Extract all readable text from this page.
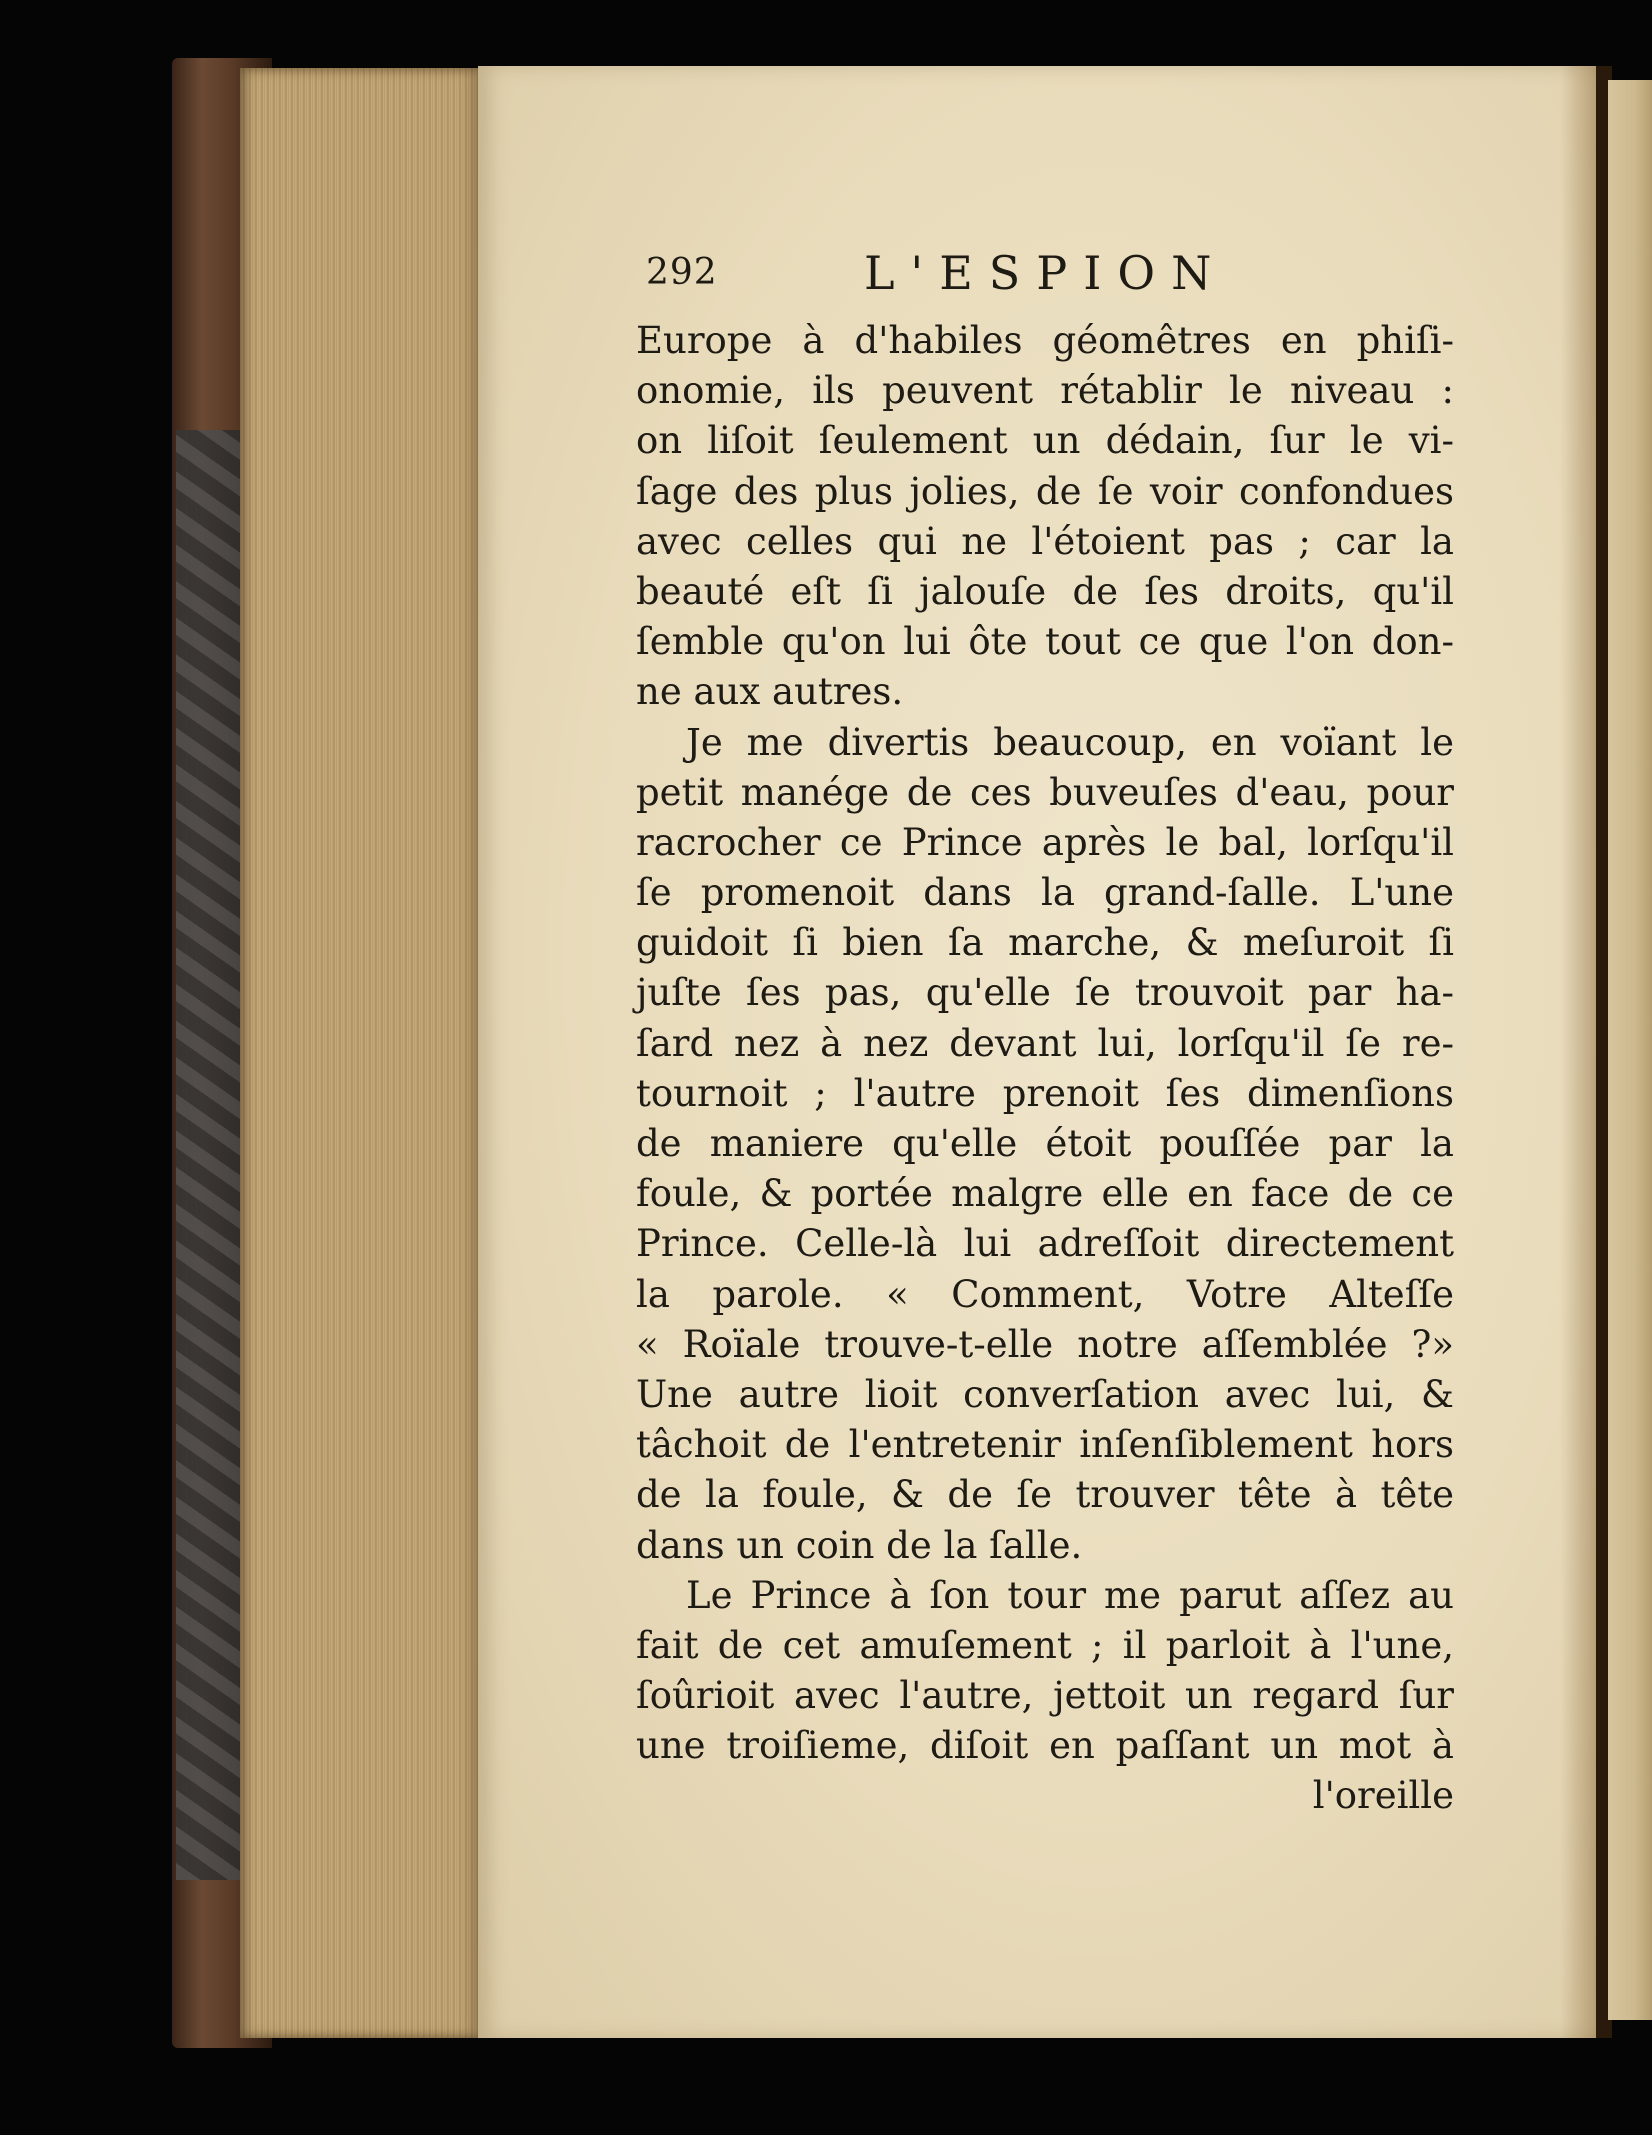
292	L'ESPION
Europe à d'habiles géomêtres en phiſi-
onomie, ils peuvent rétablir le niveau :
on liſoit ſeulement un dédain, ſur le vi-
ſage des plus jolies, de ſe voir confondues
avec celles qui ne l'étoient pas ; car la
beauté eſt ſi jalouſe de ſes droits, qu'il
ſemble qu'on lui ôte tout ce que l'on don-
ne aux autres.
Je me divertis beaucoup, en voïant le
petit manége de ces buveuſes d'eau, pour
racrocher ce Prince après le bal, lorſqu'il
ſe promenoit dans la grand-ſalle. L'une
guidoit ſi bien ſa marche, & meſuroit ſi
juſte ſes pas, qu'elle ſe trouvoit par ha-
ſard nez à nez devant lui, lorſqu'il ſe re-
tournoit ; l'autre prenoit ſes dimenſions
de maniere qu'elle étoit pouſſée par la
foule, & portée malgre elle en face de ce
Prince. Celle-là lui adreſſoit directement
la parole. « Comment, Votre Alteſſe
« Roïale trouve-t-elle notre aſſemblée ?»
Une autre lioit converſation avec lui, &
tâchoit de l'entretenir inſenſiblement hors
de la foule, & de ſe trouver tête à tête
dans un coin de la ſalle.
Le Prince à ſon tour me parut aſſez au
fait de cet amuſement ; il parloit à l'une,
ſoûrioit avec l'autre, jettoit un regard ſur
une troiſieme, diſoit en paſſant un mot à
l'oreille
